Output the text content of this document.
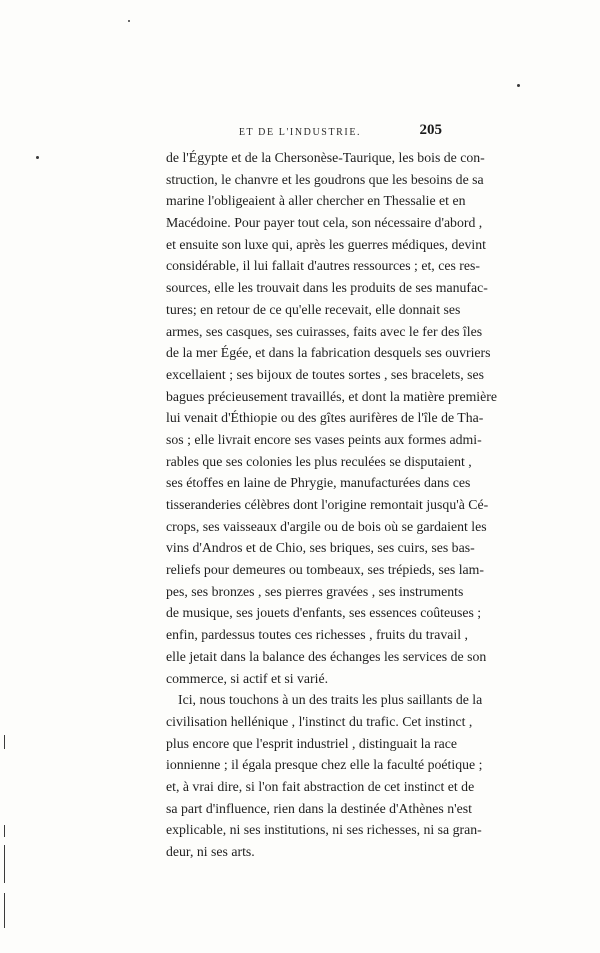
ET DE L'INDUSTRIE.	205
de l'Égypte et de la Chersonèse-Taurique, les bois de con-
struction, le chanvre et les goudrons que les besoins de sa
marine l'obligeaient à aller chercher en Thessalie et en
Macédoine. Pour payer tout cela, son nécessaire d'abord ,
et ensuite son luxe qui, après les guerres médiques, devint
considérable, il lui fallait d'autres ressources ; et, ces res-
sources, elle les trouvait dans les produits de ses manufac-
tures; en retour de ce qu'elle recevait, elle donnait ses
armes, ses casques, ses cuirasses, faits avec le fer des îles
de la mer Égée, et dans la fabrication desquels ses ouvriers
excellaient ; ses bijoux de toutes sortes , ses bracelets, ses
bagues précieusement travaillés, et dont la matière première
lui venait d'Éthiopie ou des gîtes aurifères de l'île de Tha-
sos ; elle livrait encore ses vases peints aux formes admi-
rables que ses colonies les plus reculées se disputaient ,
ses étoffes en laine de Phrygie, manufacturées dans ces
tisseranderies célèbres dont l'origine remontait jusqu'à Cé-
crops, ses vaisseaux d'argile ou de bois où se gardaient les
vins d'Andros et de Chio, ses briques, ses cuirs, ses bas-
reliefs pour demeures ou tombeaux, ses trépieds, ses lam-
pes, ses bronzes , ses pierres gravées , ses instruments
de musique, ses jouets d'enfants, ses essences coûteuses ;
enfin, pardessus toutes ces richesses , fruits du travail ,
elle jetait dans la balance des échanges les services de son
commerce, si actif et si varié.
Ici, nous touchons à un des traits les plus saillants de la
civilisation hellénique , l'instinct du trafic. Cet instinct ,
plus encore que l'esprit industriel , distinguait la race
ionnienne ; il égala presque chez elle la faculté poétique ;
et, à vrai dire, si l'on fait abstraction de cet instinct et de
sa part d'influence, rien dans la destinée d'Athènes n'est
explicable, ni ses institutions, ni ses richesses, ni sa gran-
deur, ni ses arts.
